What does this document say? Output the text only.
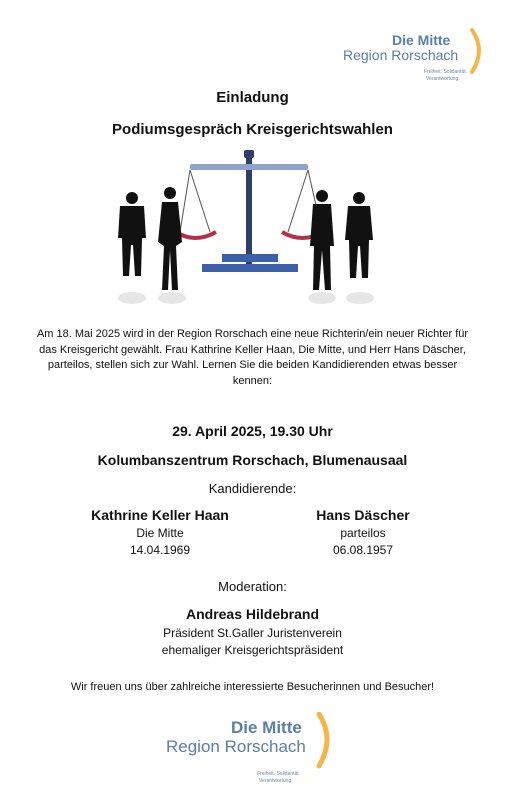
Die Mitte
Region Rorschach
Freiheit. Solidarität.
Verantwortung.
Einladung
Podiumsgespräch Kreisgerichtswahlen
Am 18. Mai 2025 wird in der Region Rorschach eine neue Richterin/ein neuer Richter für
das Kreisgericht gewählt. Frau Kathrine Keller Haan, Die Mitte, und Herr Hans Däscher,
parteilos, stellen sich zur Wahl. Lernen Sie die beiden Kandidierenden etwas besser
kennen:
29. April 2025, 19.30 Uhr
Kolumbanszentrum Rorschach, Blumenausaal
Kandidierende:
Kathrine Keller Haan
Die Mitte
14.04.1969
Hans Däscher
parteilos
06.08.1957
Moderation:
Andreas Hildebrand
Präsident St.Galler Juristenverein
ehemaliger Kreisgerichtspräsident
Wir freuen uns über zahlreiche interessierte Besucherinnen und Besucher!
Die Mitte
Region Rorschach
Freiheit. Solidarität.
Verantwortung.
